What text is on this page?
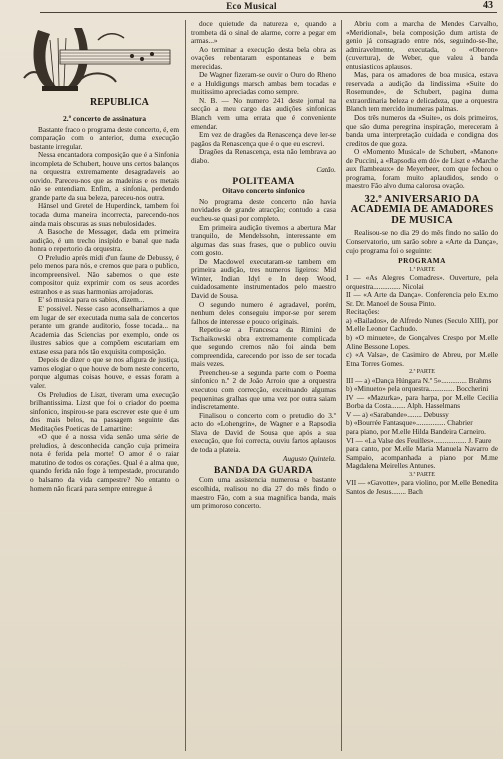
Eco Musical	43
REPUBLICA
2.º concerto de assinatura

Bastante fraco o programa deste concerto, é, em comparação com o anterior, duma execução bastante irregular.

Nessa encantadora composição que é a Sinfonia incompleta de Schubert, houve uns certos balanços na orquestra extremamente desagradaveis ao ouvido. Pareceu-nos que as madeiras e os metais não se entendiam. Enfim, a sinfonia, perdendo grande parte da sua beleza, pareceu-nos outra.

Hänsel und Gretel de Huperdinck, tambem foi tocada duma maneira incorrecta, parecendo-nos ainda mais obscuras as suas nebulosidades.

A Basoche de Messager, dada em primeira audição, é um trecho insípido e banal que nada honra o repertorio da orquestra.

O Preludio après midi d'un faune de Debussy, é pelo menos para nós, e cremos que para o publico, incompreensivel. Não sabemos o que este compositor quiz exprimir com os seus acordes estranhos e as suas harmonias arrojadoras.

E' só musica para os sabios, dizem...

E' possivel. Nesse caso aconselhariamos a que em lugar de ser executada numa sala de concertos perante um grande auditorio, fosse tocada... na Academia das Sciencias por exemplo, onde os ilustres sabios que a compõem escutariam em extase essa para nós tão exquisita composição.

Depois de dizer o que se nos afigura de justiça, vamos elogiar o que houve de bom neste concerto, porque algumas coisas houve, e essas foram a valer.

Os Preludios de Liszt, tiveram uma execução brilhantissima. Lizst que foi o criador do poema sinfonico, inspirou-se para escrever este que é um dos mais belos, na passagem seguinte das Meditações Poeticas de Lamartine:

«O que é a nossa vida senão uma série de preludios, à desconhecida canção cuja primeira nota é ferida pela morte! O amor é o raiar matutino de todos os corações. Qual é a alma que, quando ferida não foge à tempestade, procurando o balsamo da vida campestre? No entanto o homem não ficará para sempre entregue á

doce quietude da natureza e, quando a trombeta dá o sinal de alarme, corre a pegar em armas...»

Ao terminar a execução desta bela obra as ovações rebentaram espontaneas e bem merecidas.

De Wagner fizeram-se ouvir o Ouro do Rheno e a Huldigungs marsch ambas bem tocadas e muitissimo apreciadas como sempre.

N. B. — No numero 241 deste jornal na secção a meu cargo das audições sinfonicas Blanch vem uma errata que é conveniente emendar.

Em vez de dragões da Renascença deve ler-se pagãos da Renascença que é o que eu escrevi.

Dragões da Renascença, esta não lembrava ao diabo.

Catão.
POLITEAMA
Oitavo concerto sinfonico

No programa deste concerto não havia novidades de grande atracção; contudo a casa eucheu-se quasi por completo.

Em primeira audição tivemos a abertura Mar tranquilo, de Mendelssohn, interessante em algumas das suas frases, que o publico ouviu com gosto.

De Macdowel executaram-se tambem em primeira audição, tres numeros ligeiros: Mid Winter, Indian Idyl e In deep Wood, cuidadosamente instrumentados pelo maestro David de Sousa.

O segundo numero é agradavel, porém, nenhum deles conseguiu impor-se por serem falhos de interesse e pouco originais.

Repetiu-se a Francesca da Rimini de Tschaikowski obra extremamente complicada que segundo cremos não foi ainda bem compreendida, carecendo por isso de ser tocada mais vezes.

Preencheu-se a segunda parte com o Poema sinfonico n.º 2 de João Arroio que a orquestra executou com correcção, exceituando algumas pequeninas gralhas que uma vez por outra saiam indiscretamente.

Finalisou o concerto com o pretudio do 3.º acto do «Lohengrin», de Wagner e a Rapsodia Slava de David de Sousa que após a sua execução, que foi correcta, ouviu fartos aplausos de toda a plateia.

Augusto Quintela.
BANDA DA GUARDA

Com uma assistencia numerosa e bastante escolhida, realisou no dia 27 do mês findo o maestro Fão, com a sua magnifica banda, mais um primoroso concerto.

Abriu com a marcha de Mendes Carvalho, «Meridional», bela composição dum artista de genio já consagrado entre nós, seguindo-se-lhe, admiravelmente, executada, o «Oberon» (cuvertura), de Weber, que valeu à banda entusiasticos aplausos.

Mas, para os amadores de boa musica, estava reservada a audição da lindissima «Suite do Rosemunde», de Schubert, pagina duma extraordinaria beleza e delicadeza, que a orquestra Blanch tem mercido inumeras palmas.

Dos três numeros da «Suite», os dois primeiros, que são duma peregrina inspiração, mereceram à banda uma interpretação cuidada e condigna dos creditos de que goza.

O «Momento Musical» de Schubert, «Manon» de Puccini, a «Rapsodia em dó» de Liszt e «Marche aux flambeaux» de Meyerbeer, com que fechou o programa, foram muito aplaudidos, sendo o maestro Fão alvo duma calorosa ovação.

32.º ANIVERSARIO DA ACADEMIA DE AMADORES DE MUSICA

Realisou-se no dia 29 do mês findo no salão do Conservatorio, um sarão sobre a «Arte da Dança», cujo programa foi o seguinte:

PROGRAMA
1.ª PARTE

I — «As Alegres Comadres». Ouverture, pela orquestra............... Nicolai

II — «A Arte da Dança». Conferencia pelo Ex.mo Sr. Dr. Manoel de Sousa Pinto.

Recitações:

a) «Bailados», de Alfredo Nunes (Seculo XIII), por M.elle Leonor Cachudo.

b) «O minuete», de Gonçalves Crespo por M.elle Aline Bessone Lopes.

c) «A Valsa», de Casimiro de Abreu, por M.elle Etna Torres Gomes.

2.ª PARTE

III — a) «Dança Húngara N.º 5».............. Brahms

b) «Minueto» pela orquestra.............. Boccherini

IV — «Mazurka», para harpa, por M.elle Cecilia Borba da Costa........ Alph. Hasselmans

V — a) «Sarabande»........ Debussy

b) «Bourrée Fantasque»................ Chabrier

para piano, por M.elle Hilda Bandeira Carneiro.

VI — «La Valse des Feuilles».................. J. Faure

para canto, por M.elle Maria Manuela Navarro de Sampaio, acompanhada a piano por M.me Magdalena Meirelles Antunes.

3.ª PARTE

VII — «Gavotte», para violino, por M.elle Benedita Santos de Jesus........ Bach
